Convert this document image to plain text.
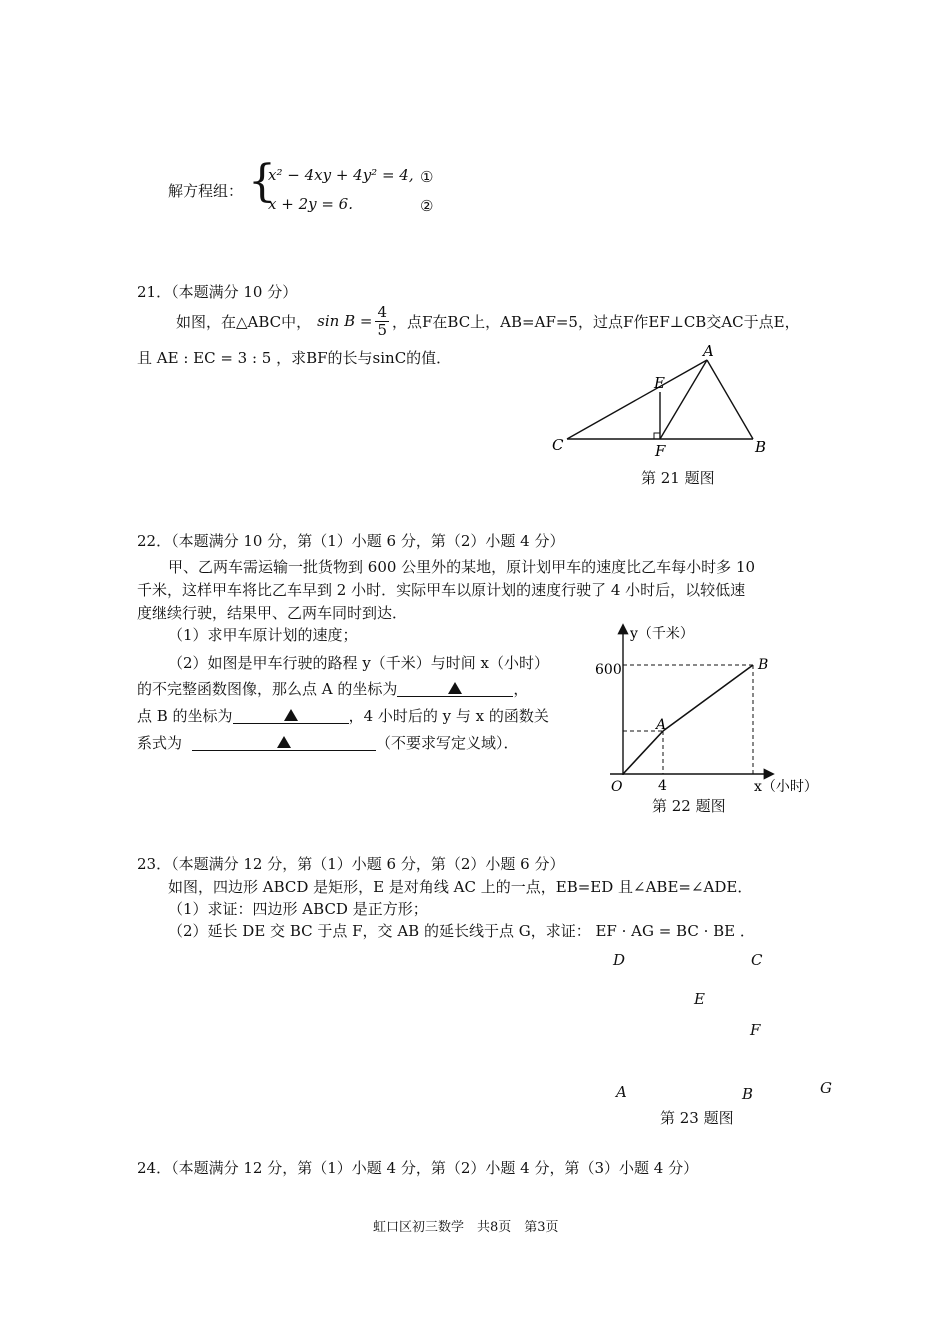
解方程组： {
x² − 4xy + 4y² = 4, ①
x + 2y = 6.	②
21．（本题满分 10 分）
如图，在△ABC中， $\sin B = \frac{4}{5}$ ，点F在BC上，AB=AF=5，过点F作EF⊥CB交AC于点E，
且 AE : EC = 3 : 5 ，求BF的长与sinC的值．	A
B
C
E
F
第 21 题图
22．（本题满分 10 分，第（1）小题 6 分，第（2）小题 4 分）
甲、乙两车需运输一批货物到 600 公里外的某地，原计划甲车的速度比乙车每小时多 10
千米，这样甲车将比乙车早到 2 小时．实际甲车以原计划的速度行驶了 4 小时后，以较低速
度继续行驶，结果甲、乙两车同时到达．
（1）求甲车原计划的速度；
（2）如图是甲车行驶的路程 y（千米）与时间 x（小时）
的不完整函数图像，那么点 A 的坐标为	，
点 B 的坐标为	，4 小时后的 y 与 x 的函数关
系式为	（不要求写定义域）．
y（千米）
600
4
O
A
B
x（小时）
第 22 题图
23．（本题满分 12 分，第（1）小题 6 分，第（2）小题 6 分）
如图，四边形 ABCD 是矩形，E 是对角线 AC 上的一点，EB=ED 且∠ABE=∠ADE．
（1）求证：四边形 ABCD 是正方形；
（2）延长 DE 交 BC 于点 F，交 AB 的延长线于点 G，求证： EF · AG = BC · BE ．
D	C
E
F
A	B	G
第 23 题图
24．（本题满分 12 分，第（1）小题 4 分，第（2）小题 4 分，第（3）小题 4 分）
虹口区初三数学　共8页　第3页
